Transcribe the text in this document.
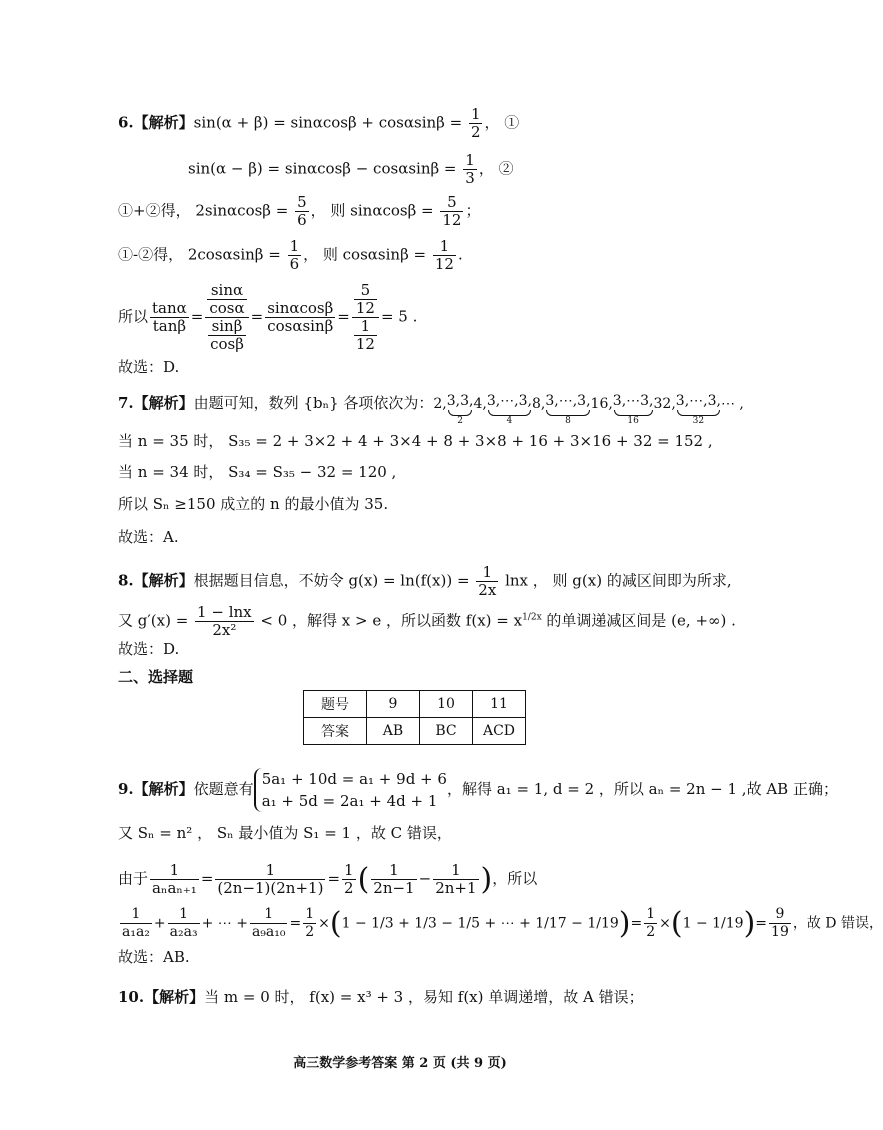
6.【解析】$\sin(\alpha + \beta) = \sin\alpha\cos\beta + \cos\alpha\sin\beta = \frac{1}{2}$ ， ①
$\sin(\alpha - \beta) = \sin\alpha\cos\beta - \cos\alpha\sin\beta = \frac{1}{3}$ ， ②
①+②得， $2\sin\alpha\cos\beta = \frac{5}{6}$ ， 则 $\sin\alpha\cos\beta = \frac{5}{12}$ ；
①-②得， $2\cos\alpha\sin\beta = \frac{1}{6}$ ， 则 $\cos\alpha\sin\beta = \frac{1}{12}$ .
所以 $\frac{\tan\alpha}{\tan\beta} = \frac{\frac{\sin\alpha}{\cos\alpha}}{\frac{\sin\beta}{\cos\beta}} = \frac{\sin\alpha\cos\beta}{\cos\alpha\sin\beta} = \frac{\frac{5}{12}}{\frac{1}{12}} = 5$ .
故选：D.
7.【解析】由题可知，数列 {bₙ} 各项依次为：2,3,3,
2
4,3,⋯,3,
4
8,3,⋯,3,
8
16,3,⋯3,
16
32,3,⋯,3,
32
⋯ ,
当 n = 35 时， S₃₅ = 2 + 3×2 + 4 + 3×4 + 8 + 3×8 + 16 + 3×16 + 32 = 152 ,
当 n = 34 时， S₃₄ = S₃₅ − 32 = 120 ,
所以 Sₙ ≥150 成立的 n 的最小值为 35.
故选：A.
8.【解析】根据题目信息，不妨令 $g(x) = \ln(f(x)) = \frac{1}{2x}$ lnx ， 则 g(x) 的减区间即为所求,
又 $g'(x) = \frac{1 - \ln x}{\text{2x²}} < 0$ ，解得 x > e ，所以函数 $f(x) = x^{1/2x}$ 的单调递减区间是 (e, +∞) .
故选：D.
二、选择题
题号	9	10	11
答案	AB	BC	ACD
9.【解析】依题意有
5a₁ + 10d = a₁ + 9d + 6
a₁ + 5d = 2a₁ + 4d + 1
，解得 a₁ = 1, d = 2 ，所以 aₙ = 2n − 1 ,故 AB 正确；
又 Sₙ = n² ， Sₙ 最小值为 S₁ = 1 ，故 C 错误，
由于	1
aₙaₙ₊₁
= $\frac{1}{(2n-1)(2n+1)} = \frac{1}{2}$ ( $\frac{1}{2n-1} - \frac{1}{2n+1}$ )，所以
$\frac{1}{\text{a₁a₂}} + \frac{1}{\text{a₂a₃}}$ + ⋯ + $\frac{1}{\text{a₉a₁₀}} = \frac{1}{2} \times(1 - 1/3 + 1/3 - 1/5$ + ⋯ + $1/17 - 1/19)= \frac{1}{2} \times(1 - 1/19)= \frac{9}{19}$ ，故 D 错误，
故选：AB.
10.【解析】当 m = 0 时， f(x) = x³ + 3 ，易知 f(x) 单调递增，故 A 错误；
高三数学参考答案 第 2 页 (共 9 页)
